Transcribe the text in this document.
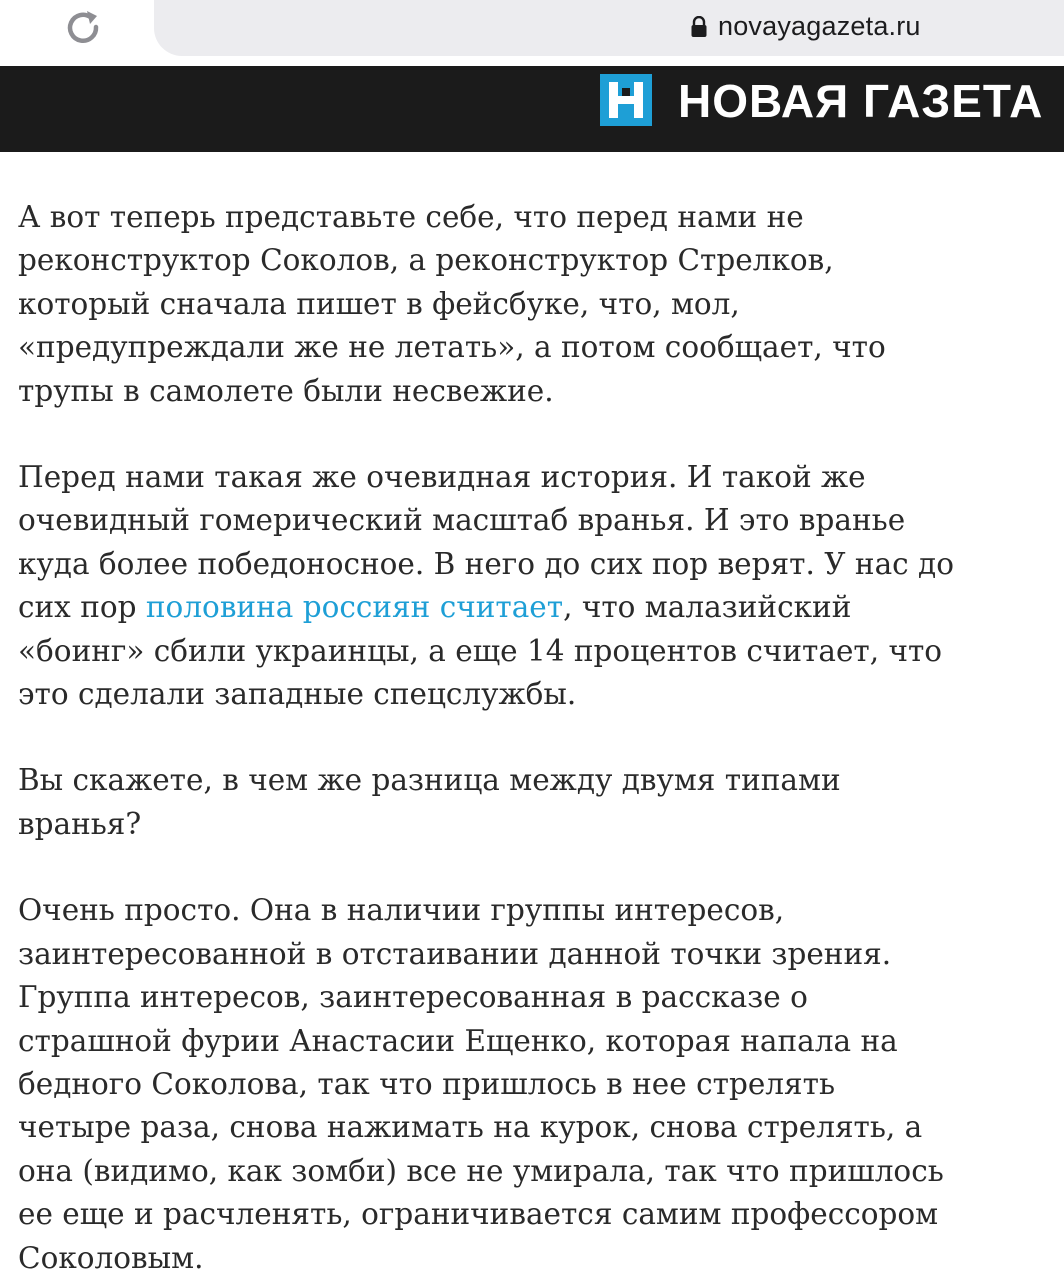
novayagazeta.ru
НОВАЯ ГАЗЕТА

А вот теперь представьте себе, что перед нами не
реконструктор Соколов, а реконструктор Стрелков,
который сначала пишет в фейсбуке, что, мол,
«предупреждали же не летать», а потом сообщает, что
трупы в самолете были несвежие.

Перед нами такая же очевидная история. И такой же
очевидный гомерический масштаб вранья. И это вранье
куда более победоносное. В него до сих пор верят. У нас до
сих пор половина россиян считает, что малазийский
«боинг» сбили украинцы, а еще 14 процентов считает, что
это сделали западные спецслужбы.

Вы скажете, в чем же разница между двумя типами
вранья?

Очень просто. Она в наличии группы интересов,
заинтересованной в отстаивании данной точки зрения.
Группа интересов, заинтересованная в рассказе о
страшной фурии Анастасии Ещенко, которая напала на
бедного Соколова, так что пришлось в нее стрелять
четыре раза, снова нажимать на курок, снова стрелять, а
она (видимо, как зомби) все не умирала, так что пришлось
ее еще и расчленять, ограничивается самим профессором
Соколовым.
